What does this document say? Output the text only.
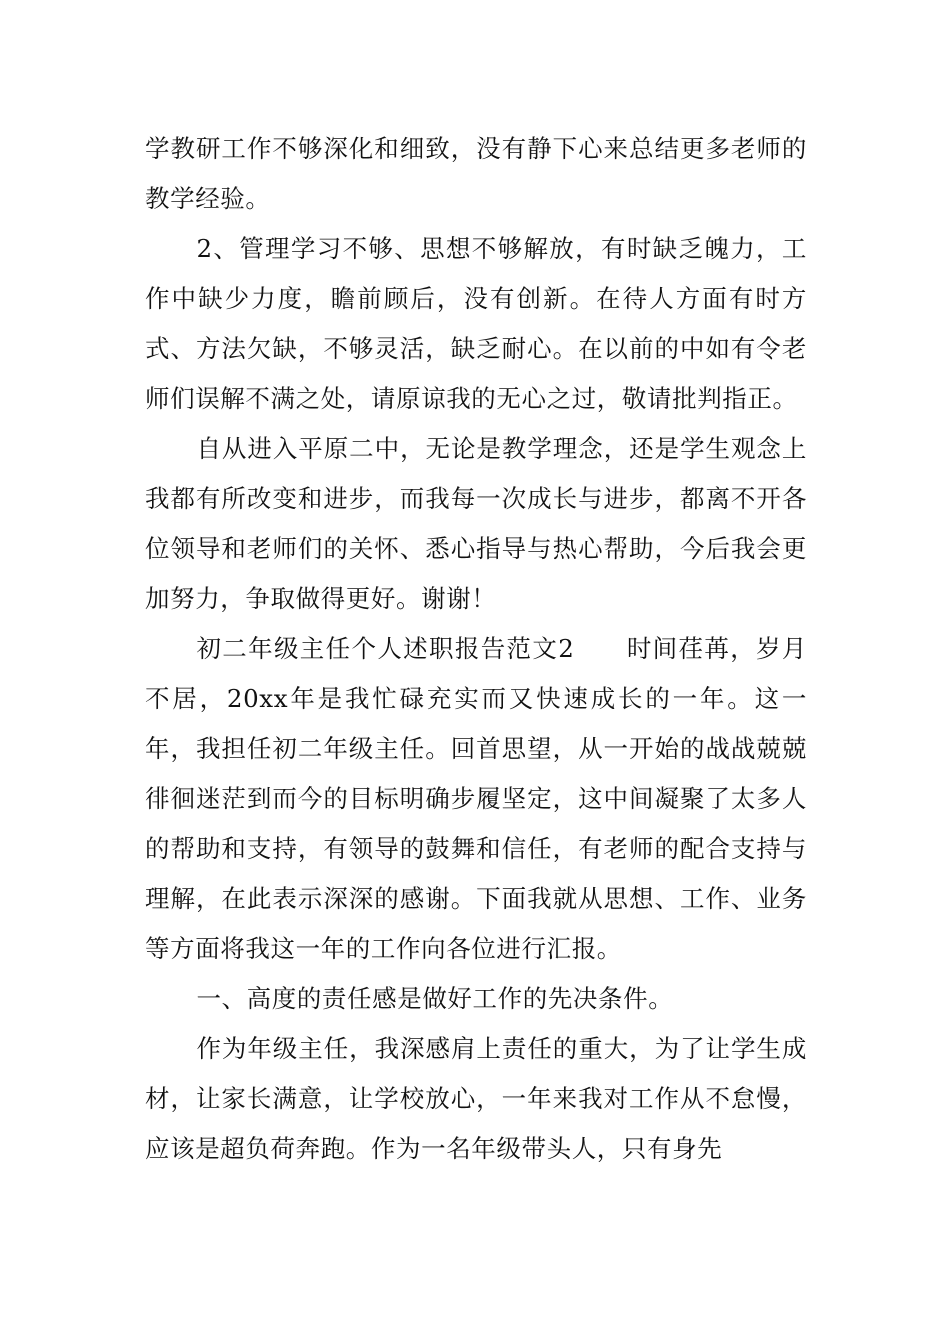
学教研工作不够深化和细致，没有静下心来总结更多老师的教学经验。

2、管理学习不够、思想不够解放，有时缺乏魄力，工作中缺少力度，瞻前顾后，没有创新。在待人方面有时方式、方法欠缺，不够灵活，缺乏耐心。在以前的中如有令老师们误解不满之处，请原谅我的无心之过，敬请批判指正。

自从进入平原二中，无论是教学理念，还是学生观念上我都有所改变和进步，而我每一次成长与进步，都离不开各位领导和老师们的关怀、悉心指导与热心帮助，今后我会更加努力，争取做得更好。谢谢！

初二年级主任个人述职报告范文2　　时间荏苒，岁月不居，20xx年是我忙碌充实而又快速成长的一年。这一年，我担任初二年级主任。回首思望，从一开始的战战兢兢徘徊迷茫到而今的目标明确步履坚定，这中间凝聚了太多人的帮助和支持，有领导的鼓舞和信任，有老师的配合支持与理解，在此表示深深的感谢。下面我就从思想、工作、业务等方面将我这一年的工作向各位进行汇报。

一、高度的责任感是做好工作的先决条件。

作为年级主任，我深感肩上责任的重大，为了让学生成材，让家长满意，让学校放心，一年来我对工作从不怠慢，应该是超负荷奔跑。作为一名年级带头人，只有身先
